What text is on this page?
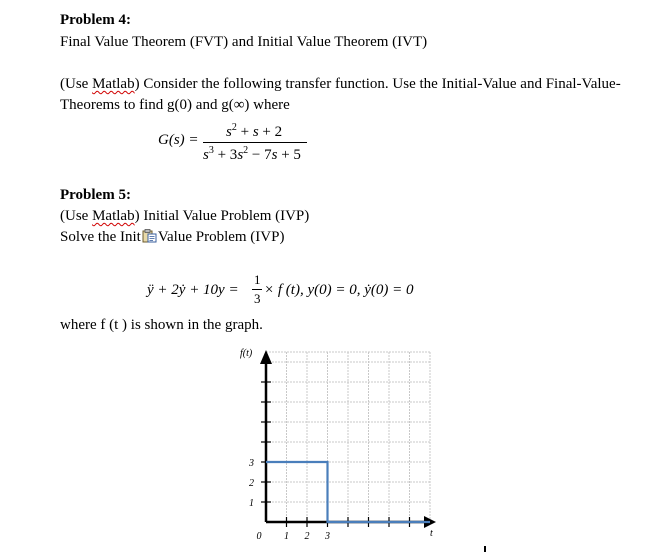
Problem 4:
Final Value Theorem (FVT) and Initial Value Theorem (IVT)
(Use Matlab) Consider the following transfer function. Use the Initial-Value and Final-Value-
Theorems to find g(0) and g(∞) where
$G(s) = s^2 + s + 2$
$s^3 + 3s^2 - 7s + 5$
Problem 5:
(Use Matlab) Initial Value Problem (IVP)
Solve the Init Value Problem (IVP)
ÿ + 2ẏ + 10y =
1
3
× f (t), y(0) = 0, ẏ(0) = 0
where f (t ) is shown in the graph.
1
2
3
0 1 2 3
f(t)
t
